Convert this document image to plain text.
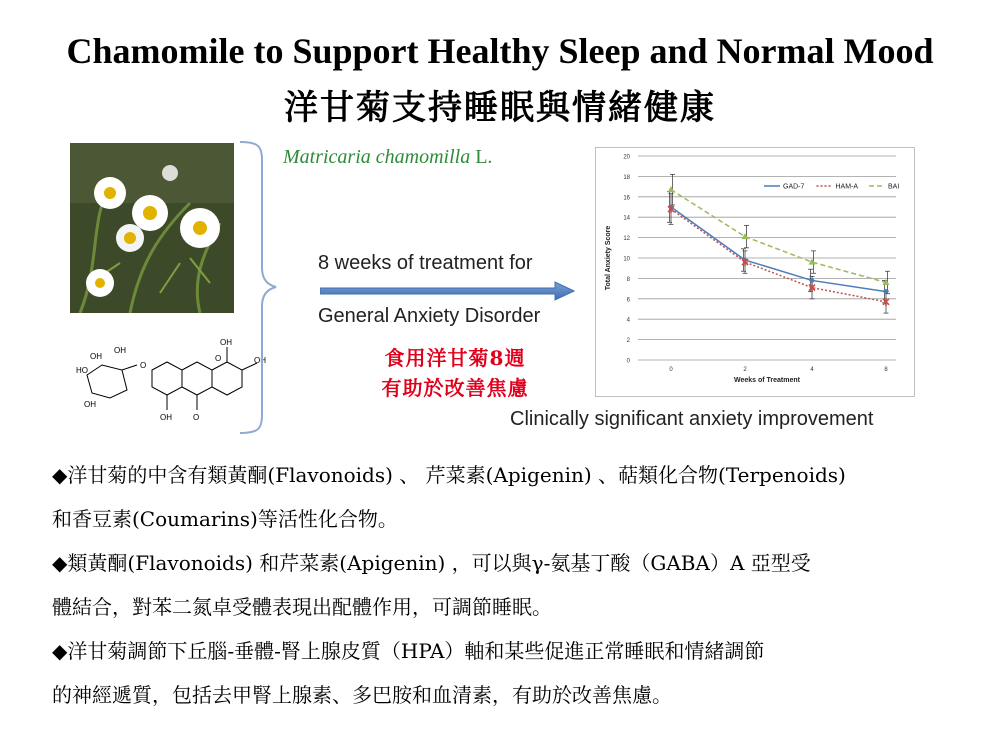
Chamomile to Support Healthy Sleep and Normal Mood
洋甘菊支持睡眠與情緒健康
HO
OH
OH
OH
O
O
OH
OH
OH	O
Matricaria chamomilla L.
8 weeks of treatment for
General Anxiety Disorder
食用洋甘菊8週
有助於改善焦慮
0
2
4
6
8
10
12
14
16
18
20
0	2	4	8
Weeks of Treatment
Total Anxiety Score
GAD-7	HAM-A	BAI
Clinically significant anxiety improvement
◆洋甘菊的中含有類黃酮(Flavonoids) 、 芹菜素(Apigenin) 、萜類化合物(Terpenoids)
和香豆素(Coumarins)等活性化合物。
◆類黃酮(Flavonoids) 和芹菜素(Apigenin) ，可以與γ-氨基丁酸（GABA）A 亞型受
體結合，對苯二氮卓受體表現出配體作用，可調節睡眠。
◆洋甘菊調節下丘腦-垂體-腎上腺皮質（HPA）軸和某些促進正常睡眠和情緒調節
的神經遞質，包括去甲腎上腺素、多巴胺和血清素，有助於改善焦慮。
